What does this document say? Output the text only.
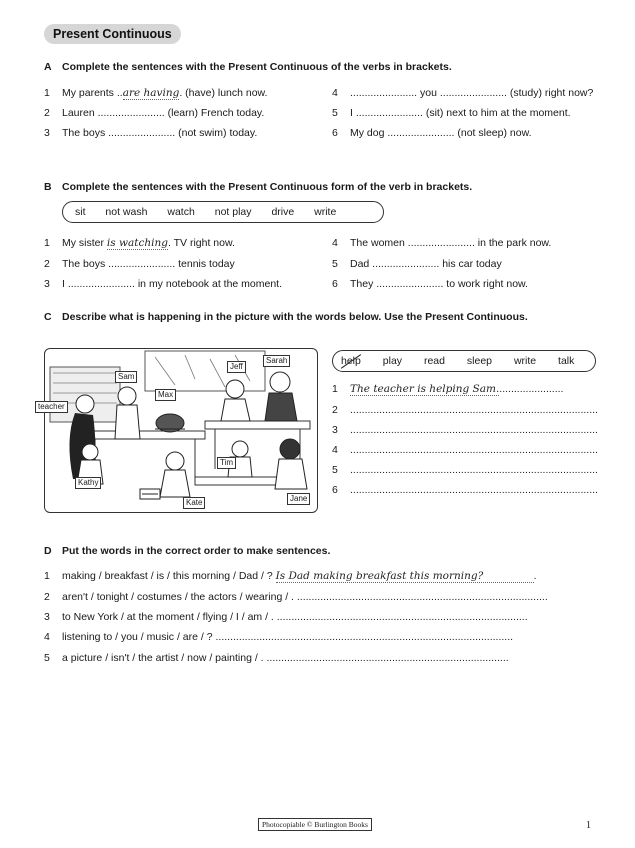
Present Continuous
A Complete the sentences with the Present Continuous of the verbs in brackets.
1 My parents ..are having. (have) lunch now.
2 Lauren ....................... (learn) French today.
3 The boys ....................... (not swim) today.
4 ....................... you ....................... (study) right now?
5 I ....................... (sit) next to him at the moment.
6 My dog ....................... (not sleep) now.
B Complete the sentences with the Present Continuous form of the verb in brackets.
sit not wash watch not play drive write
1 My sister is watching. TV right now.
2 The boys ....................... tennis today
3 I ....................... in my notebook at the moment.
4 The women ....................... in the park now.
5 Dad ....................... his car today
6 They ....................... to work right now.
C Describe what is happening in the picture with the words below. Use the Present Continuous.
Sarah
Jeff
Sam
Max
teacher
Tim
Kathy
Kate	Jane
help play read sleep write talk
1 The teacher is helping Sam.......................
2 .....................................................................................
3 .....................................................................................
4 .....................................................................................
5 .....................................................................................
6 .....................................................................................
D Put the words in the correct order to make sentences.
1 making / breakfast / is / this morning / Dad / ? Is Dad making breakfast this morning?	.
2 aren't / tonight / costumes / the actors / wearing / . ......................................................................................
3 to New York / at the moment / flying / I / am / . ......................................................................................
4 listening to / you / music / are / ? ......................................................................................................
5 a picture / isn't / the artist / now / painting / . ...................................................................................
Photocopiable © Burlington Books	1
